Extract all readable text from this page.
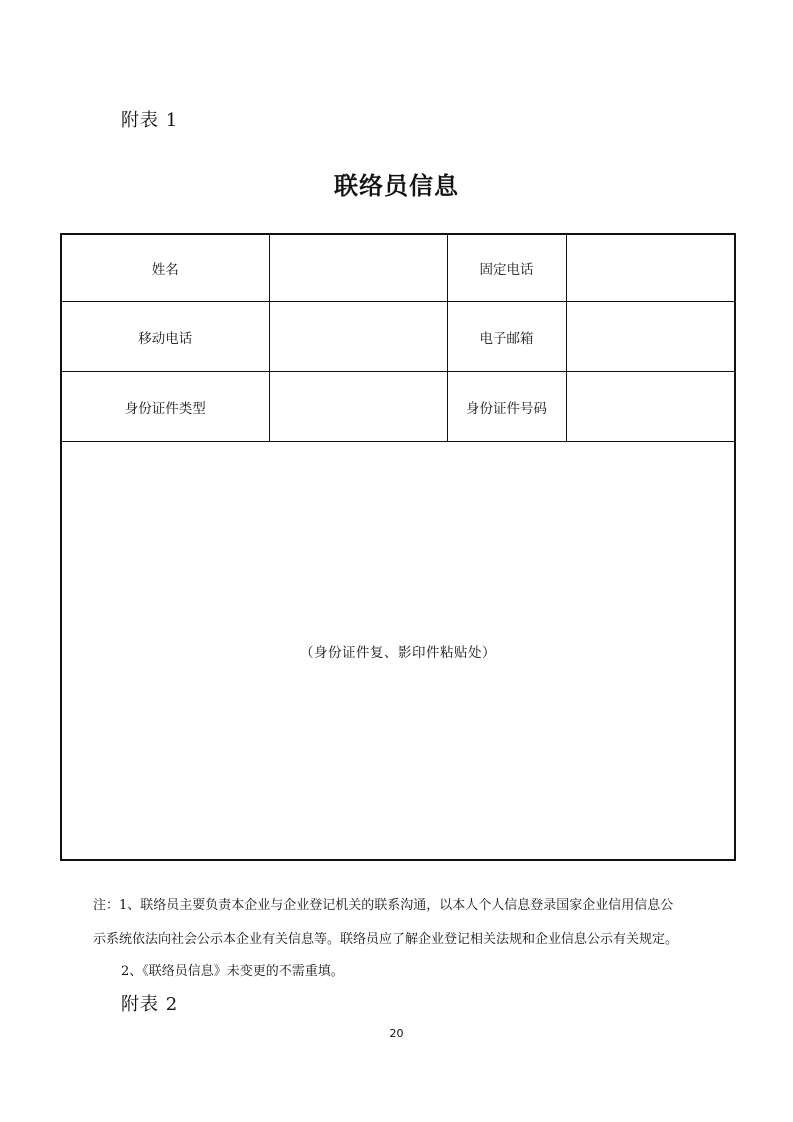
附表 1
联络员信息
姓名		固定电话	
移动电话		电子邮箱	
身份证件类型		身份证件号码	
（身份证件复、影印件粘贴处）			
注：1、联络员主要负责本企业与企业登记机关的联系沟通，以本人个人信息登录国家企业信用信息公
示系统依法向社会公示本企业有关信息等。联络员应了解企业登记相关法规和企业信息公示有关规定。
2、《联络员信息》未变更的不需重填。
附表 2
20
